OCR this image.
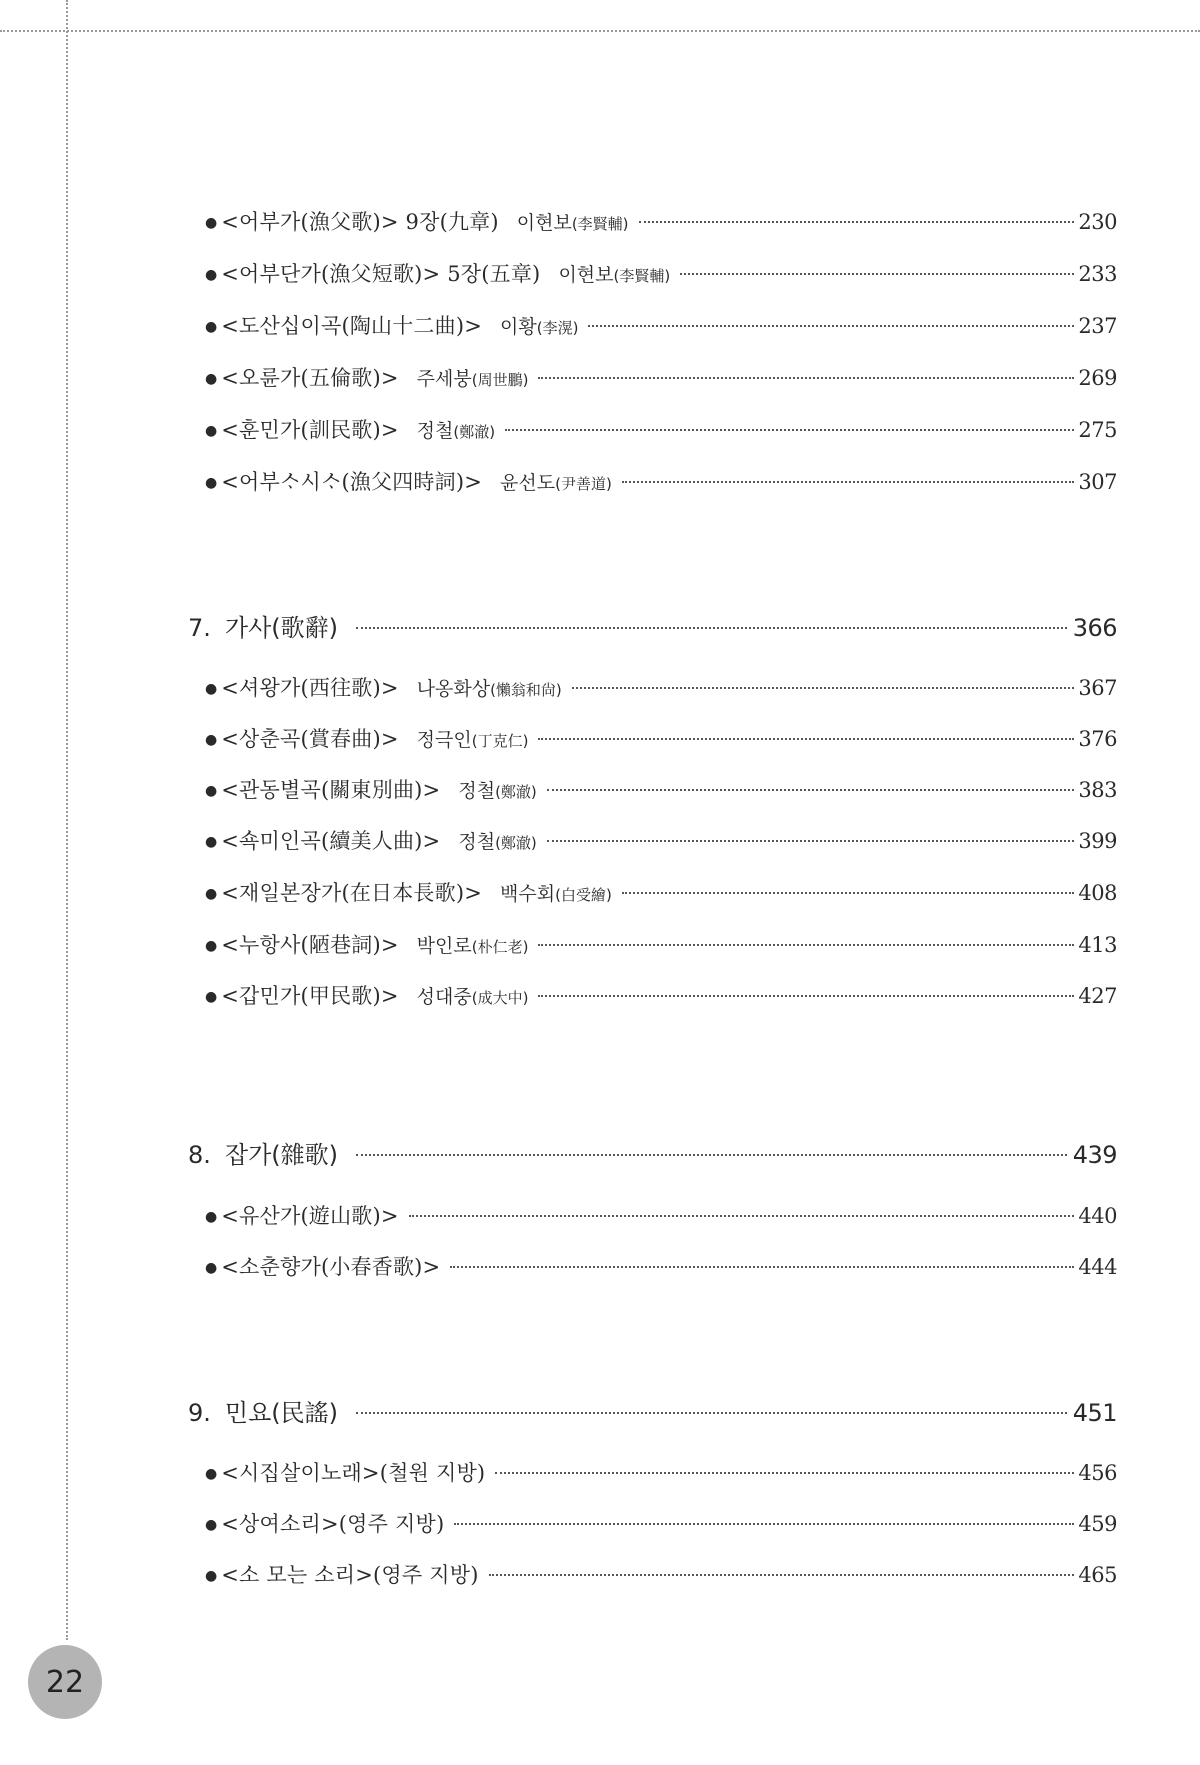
● <어부가(漁父歌)> 9장(九章) 이현보(李賢輔)	230
● <어부단가(漁父短歌)> 5장(五章) 이현보(李賢輔)	233
● <도산십이곡(陶山十二曲)> 이황(李滉)	237
● <오륜가(五倫歌)> 주세붕(周世鵬)	269
● <훈민가(訓民歌)> 정철(鄭澈)	275
● <어부ᄉᆞ시ᄉᆞ(漁父四時詞)> 윤선도(尹善道)	307
7. 가사(歌辭)	366
● <셔왕가(西往歌)> 나옹화상(懶翁和尙)	367
● <상춘곡(賞春曲)> 정극인(丁克仁)	376
● <관동별곡(關東別曲)> 정철(鄭澈)	383
● <쇽미인곡(續美人曲)> 정철(鄭澈)	399
● <재일본장가(在日本長歌)> 백수회(白受繪)	408
● <누항사(陋巷詞)> 박인로(朴仁老)	413
● <갑민가(甲民歌)> 성대중(成大中)	427
8. 잡가(雜歌)	439
● <유산가(遊山歌)>	440
● <소춘향가(小春香歌)>	444
9. 민요(民謠)	451
● <시집살이노래>(철원 지방)	456
● <상여소리>(영주 지방)	459
● <소 모는 소리>(영주 지방)	465
22
